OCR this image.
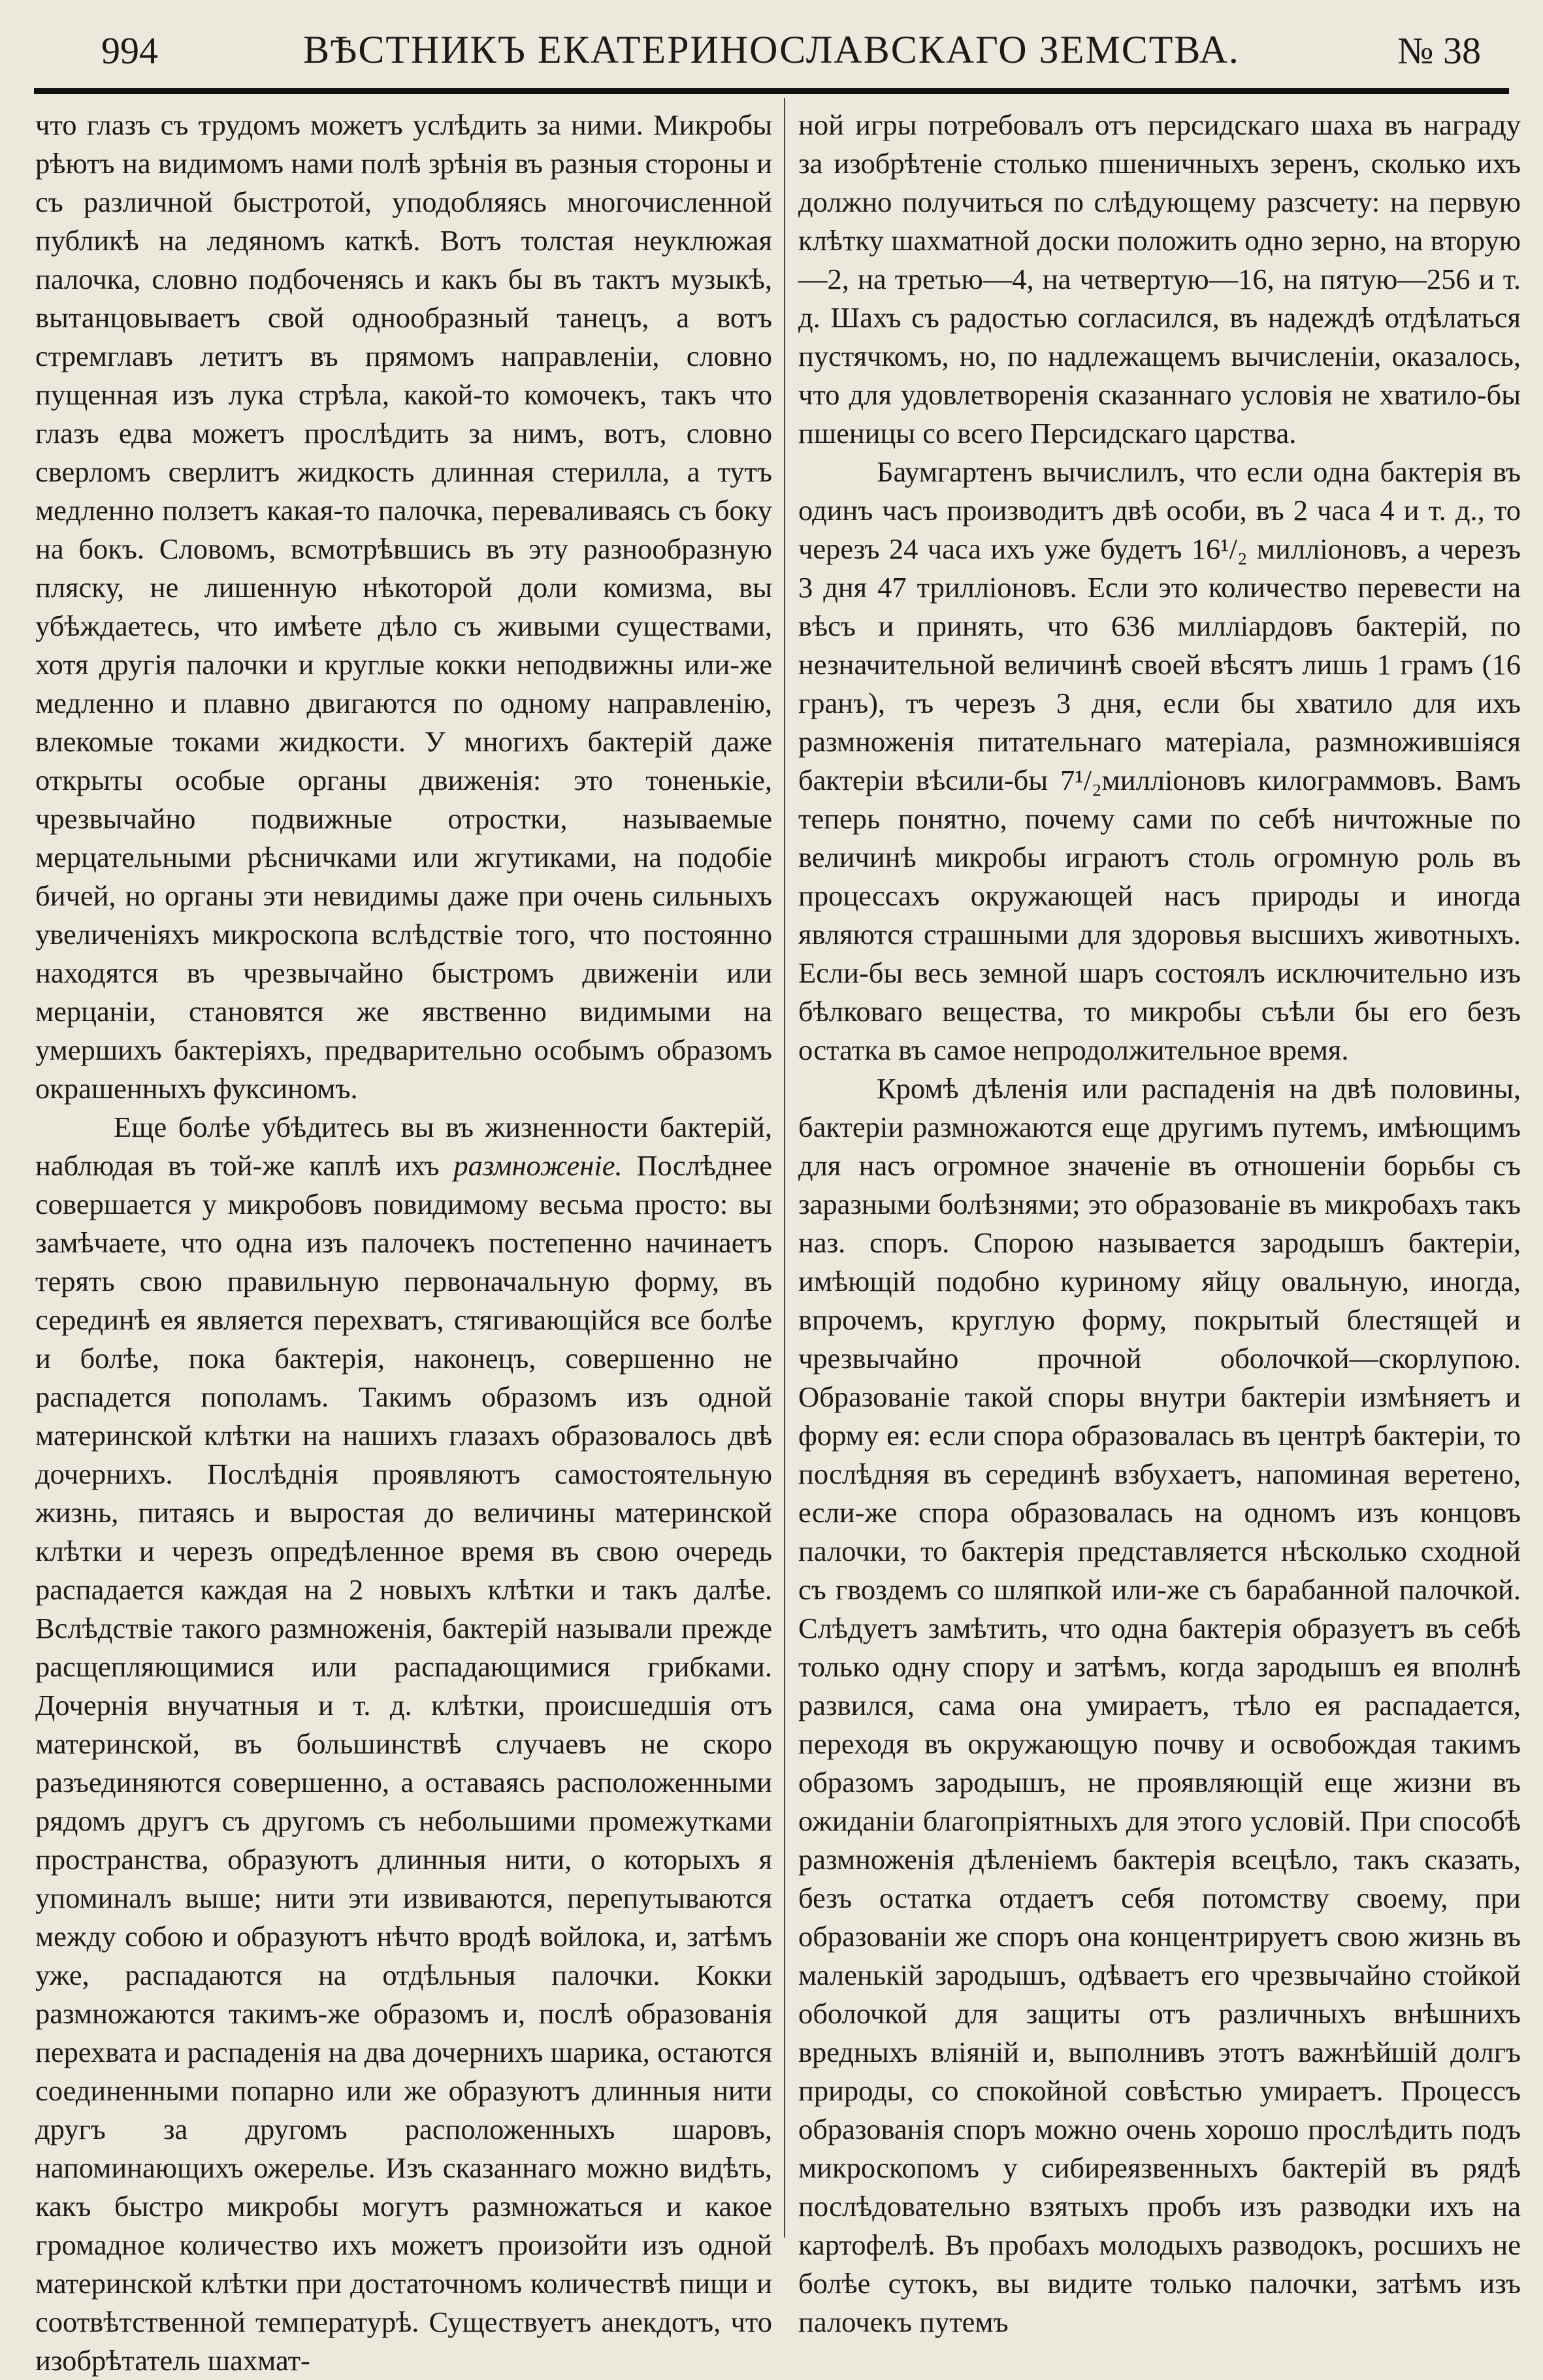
994	ВѢСТНИКЪ ЕКАТЕРИНОСЛАВСКАГО ЗЕМСТВА.	№ 38

что глазъ съ трудомъ можетъ услѣдить за ними. Микробы рѣютъ на видимомъ нами полѣ зрѣнія въ разныя стороны и съ различной быстротой, уподобляясь многочисленной публикѣ на ледяномъ каткѣ. Вотъ толстая неуклюжая палочка, словно подбоченясь и какъ бы въ тактъ музыкѣ, вытанцовываетъ свой однообразный танецъ, а вотъ стремглавъ летитъ въ прямомъ направленіи, словно пущенная изъ лука стрѣла, какой-то комочекъ, такъ что глазъ едва можетъ прослѣдить за нимъ, вотъ, словно сверломъ сверлитъ жидкость длинная стерилла, а тутъ медленно ползетъ какая-то палочка, переваливаясь съ боку на бокъ. Словомъ, всмотрѣвшись въ эту разнообразную пляску, не лишенную нѣкоторой доли комизма, вы убѣждаетесь, что имѣете дѣло съ живыми существами, хотя другія палочки и круглые кокки неподвижны или-же медленно и плавно двигаются по одному направленію, влекомые токами жидкости. У многихъ бактерій даже открыты особые органы движенія: это тоненькіе, чрезвычайно подвижные отростки, называемые мерцательными рѣсничками или жгутиками, на подобіе бичей, но органы эти невидимы даже при очень сильныхъ увеличеніяхъ микроскопа вслѣдствіе того, что постоянно находятся въ чрезвычайно быстромъ движеніи или мерцаніи, становятся же явственно видимыми на умершихъ бактеріяхъ, предварительно особымъ образомъ окрашенныхъ фуксиномъ.

Еще болѣе убѣдитесь вы въ жизненности бактерій, наблюдая въ той-же каплѣ ихъ размноженіе. Послѣднее совершается у микробовъ повидимому весьма просто: вы замѣчаете, что одна изъ палочекъ постепенно начинаетъ терять свою правильную первоначальную форму, въ серединѣ ея является перехватъ, стягивающійся все болѣе и болѣе, пока бактерія, наконецъ, совершенно не распадется пополамъ. Такимъ образомъ изъ одной материнской клѣтки на нашихъ глазахъ образовалось двѣ дочернихъ. Послѣднія проявляютъ самостоятельную жизнь, питаясь и выростая до величины материнской клѣтки и черезъ опредѣленное время въ свою очередь распадается каждая на 2 новыхъ клѣтки и такъ далѣе. Вслѣдствіе такого размноженія, бактерій называли прежде расщепляющимися или распадающимися грибками. Дочернія внучатныя и т. д. клѣтки, происшедшія отъ материнской, въ большинствѣ случаевъ не скоро разъединяются совершенно, а оставаясь расположенными рядомъ другъ съ другомъ съ небольшими промежутками пространства, образуютъ длинныя нити, о которыхъ я упоминалъ выше; нити эти извиваются, перепутываются между собою и образуютъ нѣчто вродѣ войлока, и, затѣмъ уже, распадаются на отдѣльныя палочки. Кокки размножаются такимъ-же образомъ и, послѣ образованія перехвата и распаденія на два дочернихъ шарика, остаются соединенными попарно или же образуютъ длинныя нити другъ за другомъ расположенныхъ шаровъ, напоминающихъ ожерелье. Изъ сказаннаго можно видѣть, какъ быстро микробы могутъ размножаться и какое громадное количество ихъ можетъ произойти изъ одной материнской клѣтки при достаточномъ количествѣ пищи и соотвѣтственной температурѣ. Существуетъ анекдотъ, что изобрѣтатель шахмат-

ной игры потребовалъ отъ персидскаго шаха въ награду за изобрѣтеніе столько пшеничныхъ зеренъ, сколько ихъ должно получиться по слѣдующему разсчету: на первую клѣтку шахматной доски положить одно зерно, на вторую—2, на третью—4, на четвертую—16, на пятую—256 и т. д. Шахъ съ радостью согласился, въ надеждѣ отдѣлаться пустячкомъ, но, по надлежащемъ вычисленіи, оказалось, что для удовлетворенія сказаннаго условія не хватило-бы пшеницы со всего Персидскаго царства.

Баумгартенъ вычислилъ, что если одна бактерія въ одинъ часъ производитъ двѣ особи, въ 2 часа 4 и т. д., то черезъ 24 часа ихъ уже будетъ 16¹/₂ милліоновъ, а черезъ 3 дня 47 трилліоновъ. Если это количество перевести на вѣсъ и принять, что 636 милліардовъ бактерій, по незначительной величинѣ своей вѣсятъ лишь 1 грамъ (16 гранъ), тъ черезъ 3 дня, если бы хватило для ихъ размноженія питательнаго матеріала, размножившіяся бактеріи вѣсили-бы 7¹/₂милліоновъ килограммовъ. Вамъ теперь понятно, почему сами по себѣ ничтожные по величинѣ микробы играютъ столь огромную роль въ процессахъ окружающей насъ природы и иногда являются страшными для здоровья высшихъ животныхъ. Если-бы весь земной шаръ состоялъ исключительно изъ бѣлковаго вещества, то микробы съѣли бы его безъ остатка въ самое непродолжительное время.

Кромѣ дѣленія или распаденія на двѣ половины, бактеріи размножаются еще другимъ путемъ, имѣющимъ для насъ огромное значеніе въ отношеніи борьбы съ заразными болѣзнями; это образованіе въ микробахъ такъ наз. споръ. Спорою называется зародышъ бактеріи, имѣющій подобно куриному яйцу овальную, иногда, впрочемъ, круглую форму, покрытый блестящей и чрезвычайно прочной оболочкой—скорлупою. Образованіе такой споры внутри бактеріи измѣняетъ и форму ея: если спора образовалась въ центрѣ бактеріи, то послѣдняя въ серединѣ взбухаетъ, напоминая веретено, если-же спора образовалась на одномъ изъ концовъ палочки, то бактерія представляется нѣсколько сходной съ гвоздемъ со шляпкой или-же съ барабанной палочкой. Слѣдуетъ замѣтить, что одна бактерія образуетъ въ себѣ только одну спору и затѣмъ, когда зародышъ ея вполнѣ развился, сама она умираетъ, тѣло ея распадается, переходя въ окружающую почву и освобождая такимъ образомъ зародышъ, не проявляющій еще жизни въ ожиданіи благопріятныхъ для этого условій. При способѣ размноженія дѣленіемъ бактерія всецѣло, такъ сказать, безъ остатка отдаетъ себя потомству своему, при образованіи же споръ она концентрируетъ свою жизнь въ маленькій зародышъ, одѣваетъ его чрезвычайно стойкой оболочкой для защиты отъ различныхъ внѣшнихъ вредныхъ вліяній и, выполнивъ этотъ важнѣйшій долгъ природы, со спокойной совѣстью умираетъ. Процессъ образованія споръ можно очень хорошо прослѣдить подъ микроскопомъ у сибиреязвенныхъ бактерій въ рядѣ послѣдовательно взятыхъ пробъ изъ разводки ихъ на картофелѣ. Въ пробахъ молодыхъ разводокъ, росшихъ не болѣе сутокъ, вы видите только палочки, затѣмъ изъ палочекъ путемъ
